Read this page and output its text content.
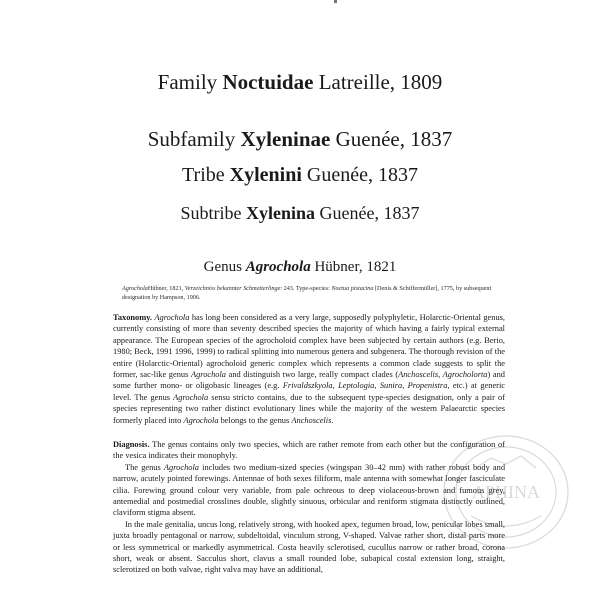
Family Noctuidae Latreille, 1809
Subfamily Xyleninae Guenée, 1837
Tribe Xylenini Guenée, 1837
Subtribe Xylenina Guenée, 1837
Genus Agrochola Hübner, 1821
AgrocholaHübner, 1821, Verzeichniss bekannter Schmetterlinge: 243. Type-species: Noctua pistacina [Denis & Schiffermüller], 1775, by subsequent designation by Hampson, 1906.

Taxonomy. Agrochola has long been considered as a very large, supposedly polyphyletic, Holarctic-Oriental genus, currently consisting of more than seventy described species the majority of which having a fairly typical external appearance. The European species of the agrocholoid complex have been subjected by certain authors (e.g. Berio, 1980; Beck, 1991 1996, 1999) to radical splitting into numerous genera and subgenera. The thorough revision of the entire (Holarctic-Oriental) agrocholoid generic complex which represents a common clade suggests to split the former, sac-like genus Agrochola and distinguish two large, really compact clades (Anchoscelis, Agrocholorta) and some further mono- or oligobasic lineages (e.g. Frivaldszkyola, Leptologia, Sunira, Propenistra, etc.) at generic level. The genus Agrochola sensu stricto contains, due to the subsequent type-species designation, only a pair of species representing two rather distinct evolutionary lines while the majority of the western Palaearctic species formerly placed into Agrochola belongs to the genus Anchoscelis.

Diagnosis. The genus contains only two species, which are rather remote from each other but the configuration of the vesica indicates their monophyly.

The genus Agrochola includes two medium-sized species (wingspan 30–42 mm) with rather robust body and narrow, acutely pointed forewings. Antennae of both sexes filiform, male antenna with somewhat longer fasciculate cilia. Forewing ground colour very variable, from pale ochreous to deep violaceous-brown and fumous grey, antemedial and postmedial crosslines double, slightly sinuous, orbicular and reniform stigmata distinctly outlined, claviform stigma absent.

In the male genitalia, uncus long, relatively strong, with hooked apex, tegumen broad, low, penicular lobes small, juxta broadly pentagonal or narrow, subdeltoidal, vinculum strong, V-shaped. Valvae rather short, distal parts more or less symmetrical or markedly asymmetrical. Costa heavily sclerotised, cucullus narrow or rather broad, corona short, weak or absent. Sacculus short, clavus a small rounded lobe, subapical costal extension long, straight, sclerotized on both valvae, right valva may have an additional,

APHINA
